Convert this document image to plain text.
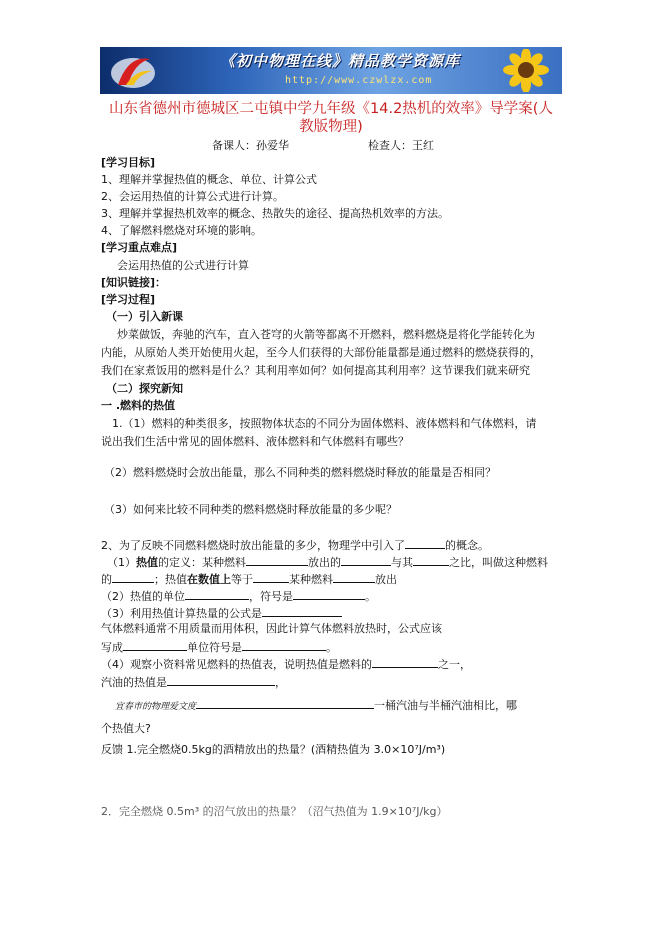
《初中物理在线》精品教学资源库
http://www.czwlzx.com
山东省德州市德城区二屯镇中学九年级《14.2热机的效率》导学案(人
教版物理)
备课人：孙爱华	检查人：王红
[学习目标]
1、理解并掌握热值的概念、单位、计算公式
2、会运用热值的计算公式进行计算。
3、理解并掌握热机效率的概念、热散失的途径、提高热机效率的方法。
4、了解燃料燃烧对环境的影响。
[学习重点难点]
会运用热值的公式进行计算
[知识链接]：
[学习过程]
（一）引入新课
炒菜做饭，奔驰的汽车，直入苍穹的火箭等都离不开燃料，燃料燃烧是将化学能转化为
内能，从原始人类开始使用火起，至今人们获得的大部份能量都是通过燃料的燃烧获得的，
我们在家煮饭用的燃料是什么？其利用率如何？如何提高其利用率？这节课我们就来研究
（二）探究新知
一 .燃料的热值
1.（1）燃料的种类很多，按照物体状态的不同分为固体燃料、液体燃料和气体燃料，请
说出我们生活中常见的固体燃料、液体燃料和气体燃料有哪些？
（2）燃料燃烧时会放出能量，那么不同种类的燃料燃烧时释放的能量是否相同？
（3）如何来比较不同种类的燃料燃烧时释放能量的多少呢？
2、为了反映不同燃料燃烧时放出能量的多少，物理学中引入了	的概念。
（1）热值的定义：某种燃料	放出的	与其	之比，叫做这种燃料
的	；热值在数值上等于	某种燃料	放出
（2）热值的单位	，符号是	。
（3）利用热值计算热量的公式是
气体燃料通常不用质量而用体积，因此计算气体燃料放热时，公式应该
写成	单位符号是	。
（4）观察小资料常见燃料的热值表，说明热值是燃料的	之一，
汽油的热值是	，
宜春市的物理爱文度	一桶汽油与半桶汽油相比，哪
个热值大?
反馈 1.完全燃烧0.5kg的酒精放出的热量？(酒精热值为 3.0×10⁷J/m³)
2．完全燃烧 0.5m³ 的沼气放出的热量？（沼气热值为 1.9×10⁷J/kg）
